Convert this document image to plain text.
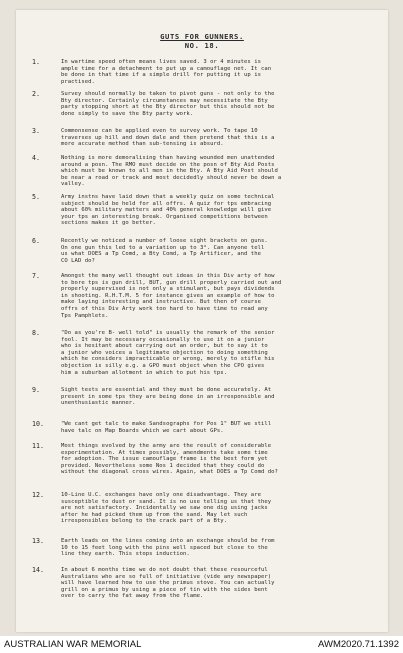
GUTS FOR GUNNERS.
NO. 18.
1.	In wartime speed often means lives saved. 3 or 4 minutes is
ample time for a detachment to put up a camouflage net. It can
be done in that time if a simple drill for putting it up is
practised.
2.	Survey should normally be taken to pivot guns - not only to the
Bty director. Certainly circumstances may necessitate the Bty
party stopping short at the Bty director but this should not be
done simply to save the Bty party work.
3.	Commonsense can be applied even to survey work. To tape 10
traverses up hill and down dale and then pretend that this is a
more accurate method than sub-tensing is absurd.
4.	Nothing is more demoralising than having wounded men unattended
around a posn. The RMO must decide on the posn of Bty Aid Posts
which must be known to all men in the Bty. A Bty Aid Post should
be near a road or track and most decidedly should never be down a
valley.
5.	Army instns have laid down that a weekly quiz on some technical
subject should be held for all offrs. A quiz for tps embracing
about 60% military matters and 40% general knowledge will give
your tps an interesting break. Organised competitions between
sections makes it go better.
6.	Recently we noticed a number of loose sight brackets on guns.
On one gun this led to a variation up to 3°. Can anyone tell
us what DOES a Tp Comd, a Bty Comd, a Tp Artificer, and the
CO LAD do?
7.	Amongst the many well thought out ideas in this Div arty of how
to bore tps is gun drill, BUT, gun drill properly carried out and
properly supervised is not only a stimulant, but pays dividends
in shooting. R.H.T.M. 5 for instance gives an example of how to
make laying interesting and instructive. But then of course
offrs of this Div Arty work too hard to have time to read any
Tps Pamphlets.
8.	"Do as you're B- well told" is usually the remark of the senior
fool. It may be necessary occasionally to use it on a junior
who is hesitant about carrying out an order, but to say it to
a junior who voices a legitimate objection to doing something
which he considers impracticable or wrong, merely to stifle his
objection is silly e.g. a GPO must object when the CPO gives
him a suburban allotment in which to put his tps.
9.	Sight tests are essential and they must be done accurately. At
present in some tps they are being done in an irresponsible and
unenthusiastic manner.
10.	"We cant get talc to make Sandsographs for Pos 1" BUT we still
have talc on Map Boards which we cart about GPs.
11.	Most things evolved by the army are the result of considerable
experimentation. At times possibly, amendments take some time
for adoption. The issue camouflage frame is the best form yet
provided. Nevertheless some Nos 1 decided that they could do
without the diagonal cross wires. Again, what DOES a Tp Comd do?
12.	10-Line U.C. exchanges have only one disadvantage. They are
susceptible to dust or sand. It is no use telling us that they
are not satisfactory. Incidentally we saw one dig using jacks
after he had picked them up from the sand. May let such
irresponsibles belong to the crack part of a Bty.
13.	Earth leads on the lines coming into an exchange should be from
10 to 15 feet long with the pins well spaced but close to the
line they earth. This stops induction.
14.	In about 6 months time we do not doubt that these resourceful
Australians who are so full of initiative (vide any newspaper)
will have learned how to use the primus stove. You can actually
grill on a primus by using a piece of tin with the sides bent
over to carry the fat away from the flame.
AUSTRALIAN WAR MEMORIAL	AWM2020.71.1392
